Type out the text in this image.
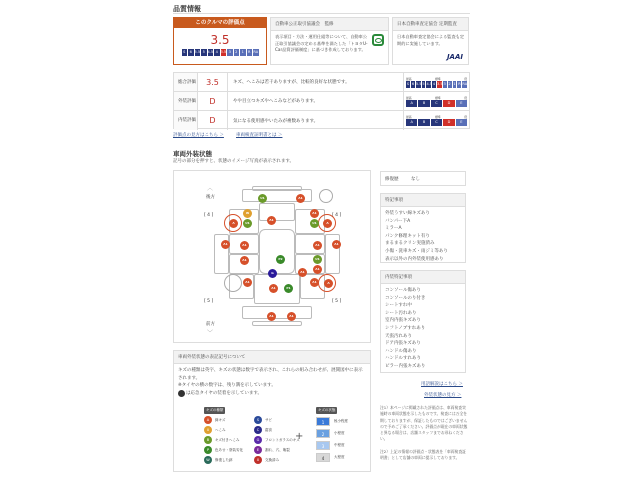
品質情報
このクルマの評価点
3.5
S	6 5.5 5 4.5 4 3.5 3	2	1	R RA
自動車公正取引協議会　監修
表示項目・方法・運用仕組等について、自動車公正取引協議会の定める基準を満たした「トヨタU-Car品質評価制度」に基づき作成しております。
日本自動車査定協会 定期監査
日本自動車査定協会による監査も定期的に実施しています。
JAAI
総合評価	3.5	キズ、へこみは若干ありますが、比較的良好な状態です。
最高	標準	低
S 6 5.5 5 4.5 4 3.5 3 2 1 R RA
外装評価	D	やや目立つキズやへこみなどがあります。
最高	標準	低
A	B	C	D	E
内装評価	D	気になる使用感やいたみが複数あります。
最高	標準	低
A	B	C	D	E
評価点の見方はこちら ＞	車両検査証明書とは ＞
車両外装状態
記号の部分を押すと、状態のイメージ写真が表示されます。
︿
後方
前方
﹀
[ 4 ]	[ 4 ]
[ 5 ]	[ 5 ]
U1	A1
A1
W
U1
A
A1
U1	A
A1	A1	A1	A1
A1	U1
A1
P2
G	A1
A1	A1	A
A1	P1
A1	A1
修復歴	なし
特記事項
外装うすい線キズあり
バンパー下A
ミラーA
パンク修理キット有り
まるまるクリン実施済み
小傷・洗車キズ・雨ジミ等あり
表示以外の内外装使用感あり
内装特記事項
コンソール傷あり
コンソールのり付き
シートすれ中
シート汚れあり
室内内張キズあり
シフトノブすれあり
天張汚れあり
ドア内張キズあり
ハンドル傷あり
ハンドルすれあり
ピラー内張キズあり
用語解説はこちら ＞
外装状態の見方 ＞
車両外装状態の表記記号について
キズの種類は英字、キズの状態は数字で表示され、これらの組み合わせが、展開図中に表示されます。
※タイヤの横の数字は、残り溝を示しています。
は応急タイヤの装着を示しています。
キズの種類
A	線キズ
U	へこみ
B	キズ付きへこみ
P	色あせ・塗装劣化
W	修復した跡
S	サビ
C	腐食
G	フロントガラスのキズ
E	割れ、穴、亀裂
X	交換済み
+
キズの状態
1	極小程度
2	小程度
3	中程度
4	大程度
注1）本ページに掲載された評価点は、車両検査実施時の車両状態を示したものです。検査には万全を期しておりますが、保証したものではございませんので予めご了承ください。評価点が現在の車両状態と異なる場合は、店舗スタッフまでお尋ねください。
注2）上記の情報の評価点・状態表を「車両検査証明書」として店舗の車両に提示しております。
